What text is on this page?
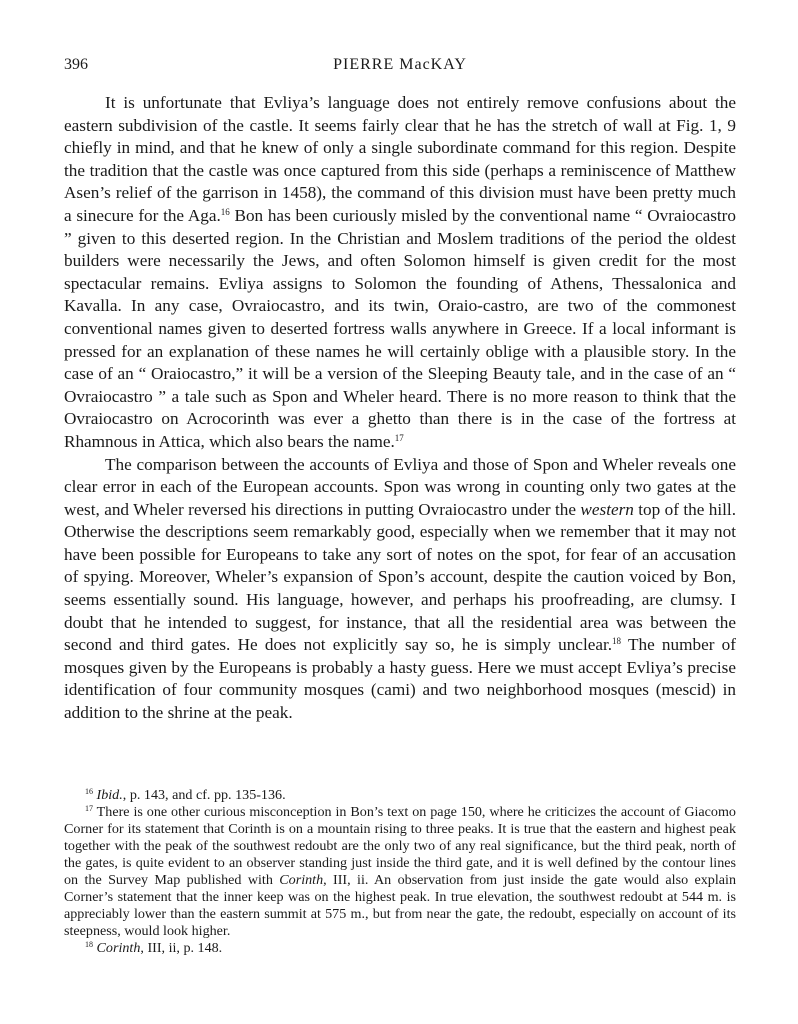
396	PIERRE MacKAY

It is unfortunate that Evliya’s language does not entirely remove confusions about the eastern subdivision of the castle. It seems fairly clear that he has the stretch of wall at Fig. 1, 9 chiefly in mind, and that he knew of only a single subordinate command for this region. Despite the tradition that the castle was once captured from this side (perhaps a reminiscence of Matthew Asen’s relief of the garrison in 1458), the command of this division must have been pretty much a sinecure for the Aga.$^{16}$ Bon has been curiously misled by the conventional name “ Ovraiocastro ” given to this deserted region. In the Christian and Moslem traditions of the period the oldest builders were necessarily the Jews, and often Solomon himself is given credit for the most spectacular remains. Evliya assigns to Solomon the founding of Athens, Thessalonica and Kavalla. In any case, Ovraiocastro, and its twin, Oraio-castro, are two of the commonest conventional names given to deserted fortress walls anywhere in Greece. If a local informant is pressed for an explanation of these names he will certainly oblige with a plausible story. In the case of an “ Oraiocastro,” it will be a version of the Sleeping Beauty tale, and in the case of an “ Ovraiocastro ” a tale such as Spon and Wheler heard. There is no more reason to think that the Ovraiocastro on Acrocorinth was ever a ghetto than there is in the case of the fortress at Rhamnous in Attica, which also bears the name.$^{17}$

The comparison between the accounts of Evliya and those of Spon and Wheler reveals one clear error in each of the European accounts. Spon was wrong in counting only two gates at the west, and Wheler reversed his directions in putting Ovraiocastro under the western top of the hill. Otherwise the descriptions seem remarkably good, especially when we remember that it may not have been possible for Europeans to take any sort of notes on the spot, for fear of an accusation of spying. Moreover, Wheler’s expansion of Spon’s account, despite the caution voiced by Bon, seems essentially sound. His language, however, and perhaps his proofreading, are clumsy. I doubt that he intended to suggest, for instance, that all the residential area was between the second and third gates. He does not explicitly say so, he is simply unclear.$^{18}$ The number of mosques given by the Europeans is probably a hasty guess. Here we must accept Evliya’s precise identification of four community mosques (cami) and two neighborhood mosques (mescid) in addition to the shrine at the peak.

$^{16}$ Ibid., p. 143, and cf. pp. 135-136.

$^{17}$ There is one other curious misconception in Bon’s text on page 150, where he criticizes the account of Giacomo Corner for its statement that Corinth is on a mountain rising to three peaks. It is true that the eastern and highest peak together with the peak of the southwest redoubt are the only two of any real significance, but the third peak, north of the gates, is quite evident to an observer standing just inside the third gate, and it is well defined by the contour lines on the Survey Map published with Corinth, III, ii. An observation from just inside the gate would also explain Corner’s statement that the inner keep was on the highest peak. In true elevation, the southwest redoubt at 544 m. is appreciably lower than the eastern summit at 575 m., but from near the gate, the redoubt, especially on account of its steepness, would look higher.

$^{18}$ Corinth, III, ii, p. 148.
